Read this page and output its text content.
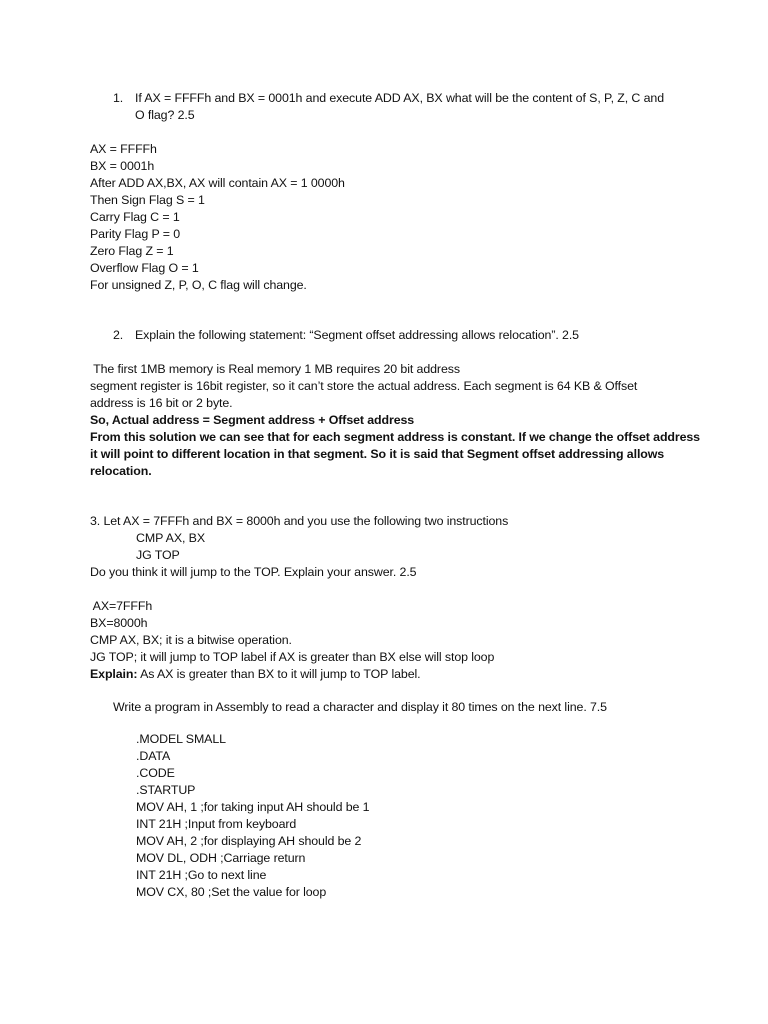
1. If AX = FFFFh and BX = 0001h and execute ADD AX, BX what will be the content of S, P, Z, C and
O flag? 2.5
AX = FFFFh
BX = 0001h
After ADD AX,BX, AX will contain AX = 1 0000h
Then Sign Flag S = 1
Carry Flag C = 1
Parity Flag P = 0
Zero Flag Z = 1
Overflow Flag O = 1
For unsigned Z, P, O, C flag will change.
2. Explain the following statement: “Segment offset addressing allows relocation”. 2.5
The first 1MB memory is Real memory 1 MB requires 20 bit address
segment register is 16bit register, so it can’t store the actual address. Each segment is 64 KB & Offset
address is 16 bit or 2 byte.
So, Actual address = Segment address + Offset address
From this solution we can see that for each segment address is constant. If we change the offset address
it will point to different location in that segment. So it is said that Segment offset addressing allows
relocation.
3. Let AX = 7FFFh and BX = 8000h and you use the following two instructions
CMP AX, BX
JG TOP
Do you think it will jump to the TOP. Explain your answer. 2.5
AX=7FFFh
BX=8000h
CMP AX, BX; it is a bitwise operation.
JG TOP; it will jump to TOP label if AX is greater than BX else will stop loop
Explain: As AX is greater than BX to it will jump to TOP label.
Write a program in Assembly to read a character and display it 80 times on the next line. 7.5
.MODEL SMALL
.DATA
.CODE
.STARTUP
MOV AH, 1 ;for taking input AH should be 1
INT 21H ;Input from keyboard
MOV AH, 2 ;for displaying AH should be 2
MOV DL, ODH ;Carriage return
INT 21H ;Go to next line
MOV CX, 80 ;Set the value for loop
